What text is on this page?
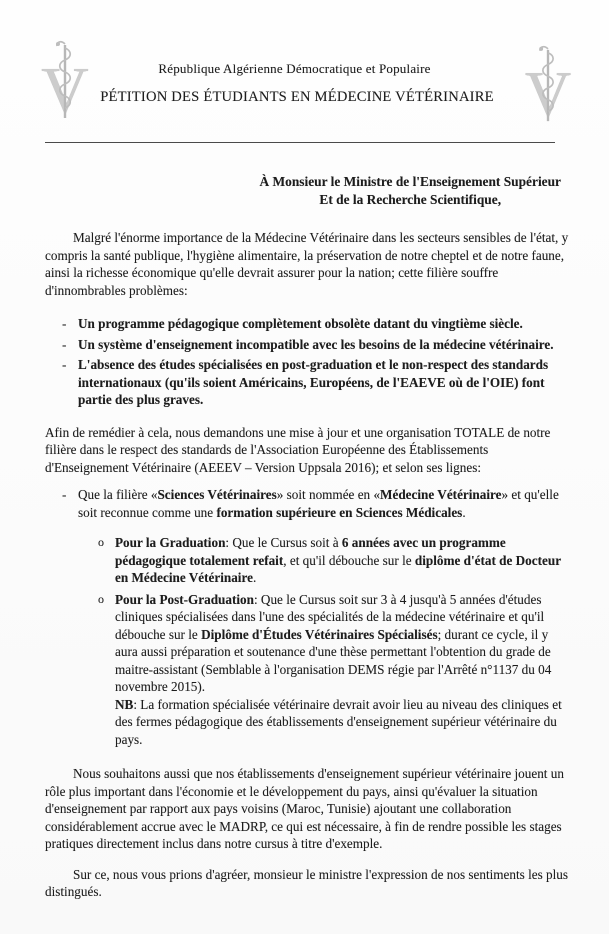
V	V
République Algérienne Démocratique et Populaire
PÉTITION DES ÉTUDIANTS EN MÉDECINE VÉTÉRINAIRE
À Monsieur le Ministre de l'Enseignement Supérieur
Et de la Recherche Scientifique,

Malgré l'énorme importance de la Médecine Vétérinaire dans les secteurs sensibles de l'état, y compris la santé publique, l'hygiène alimentaire, la préservation de notre cheptel et de notre faune, ainsi la richesse économique qu'elle devrait assurer pour la nation; cette filière souffre d'innombrables problèmes:

- Un programme pédagogique complètement obsolète datant du vingtième siècle.
- Un système d'enseignement incompatible avec les besoins de la médecine vétérinaire.
- L'absence des études spécialisées en post-graduation et le non-respect des standards internationaux (qu'ils soient Américains, Européens, de l'EAEVE où de l'OIE) font partie des plus graves.

Afin de remédier à cela, nous demandons une mise à jour et une organisation TOTALE de notre filière dans le respect des standards de l'Association Européenne des Établissements d'Enseignement Vétérinaire (AEEEV – Version Uppsala 2016); et selon ses lignes:

- Que la filière «Sciences Vétérinaires» soit nommée en «Médecine Vétérinaire» et qu'elle soit reconnue comme une formation supérieure en Sciences Médicales.
o Pour la Graduation: Que le Cursus soit à 6 années avec un programme pédagogique totalement refait, et qu'il débouche sur le diplôme d'état de Docteur en Médecine Vétérinaire.
o Pour la Post-Graduation: Que le Cursus soit sur 3 à 4 jusqu'à 5 années d'études cliniques spécialisées dans l'une des spécialités de la médecine vétérinaire et qu'il débouche sur le Diplôme d'Études Vétérinaires Spécialisés; durant ce cycle, il y aura aussi préparation et soutenance d'une thèse permettant l'obtention du grade de maitre-assistant (Semblable à l'organisation DEMS régie par l'Arrêté n°1137 du 04 novembre 2015).
NB: La formation spécialisée vétérinaire devrait avoir lieu au niveau des cliniques et des fermes pédagogique des établissements d'enseignement supérieur vétérinaire du pays.

Nous souhaitons aussi que nos établissements d'enseignement supérieur vétérinaire jouent un rôle plus important dans l'économie et le développement du pays, ainsi qu'évaluer la situation d'enseignement par rapport aux pays voisins (Maroc, Tunisie) ajoutant une collaboration considérablement accrue avec le MADRP, ce qui est nécessaire, à fin de rendre possible les stages pratiques directement inclus dans notre cursus à titre d'exemple.

Sur ce, nous vous prions d'agréer, monsieur le ministre l'expression de nos sentiments les plus distingués.
